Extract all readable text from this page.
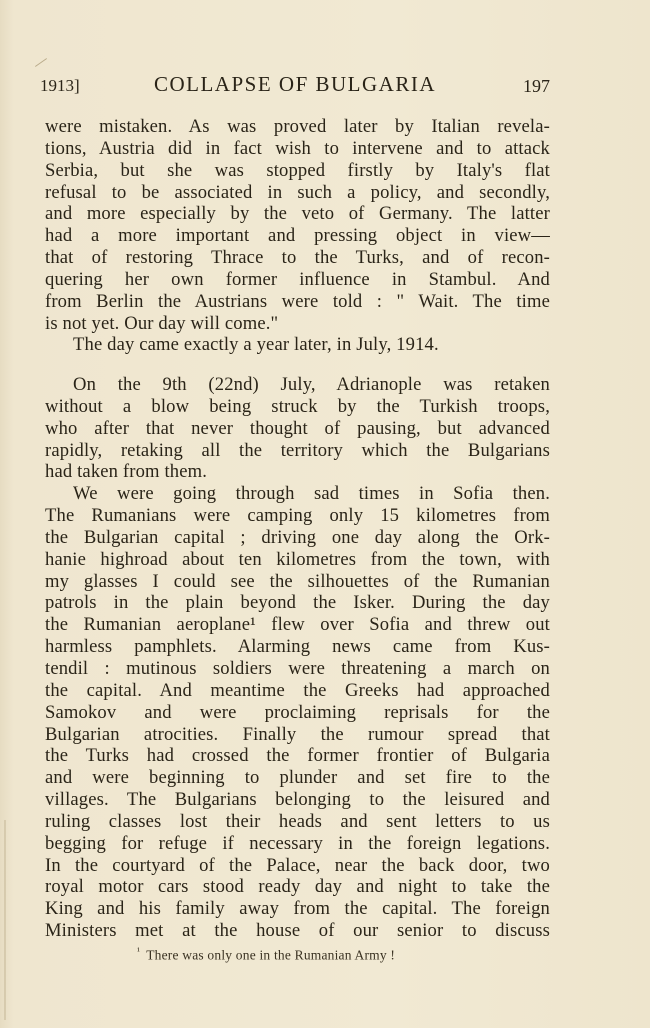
1913]	COLLAPSE OF BULGARIA	197
were mistaken. As was proved later by Italian revela-
tions, Austria did in fact wish to intervene and to attack
Serbia, but she was stopped firstly by Italy's flat
refusal to be associated in such a policy, and secondly,
and more especially by the veto of Germany. The latter
had a more important and pressing object in view—
that of restoring Thrace to the Turks, and of recon-
quering her own former influence in Stambul. And
from Berlin the Austrians were told : " Wait. The time
is not yet. Our day will come."
The day came exactly a year later, in July, 1914.
On the 9th (22nd) July, Adrianople was retaken
without a blow being struck by the Turkish troops,
who after that never thought of pausing, but advanced
rapidly, retaking all the territory which the Bulgarians
had taken from them.
We were going through sad times in Sofia then.
The Rumanians were camping only 15 kilometres from
the Bulgarian capital ; driving one day along the Ork-
hanie highroad about ten kilometres from the town, with
my glasses I could see the silhouettes of the Rumanian
patrols in the plain beyond the Isker. During the day
the Rumanian aeroplane¹ flew over Sofia and threw out
harmless pamphlets. Alarming news came from Kus-
tendil : mutinous soldiers were threatening a march on
the capital. And meantime the Greeks had approached
Samokov and were proclaiming reprisals for the
Bulgarian atrocities. Finally the rumour spread that
the Turks had crossed the former frontier of Bulgaria
and were beginning to plunder and set fire to the
villages. The Bulgarians belonging to the leisured and
ruling classes lost their heads and sent letters to us
begging for refuge if necessary in the foreign legations.
In the courtyard of the Palace, near the back door, two
royal motor cars stood ready day and night to take the
King and his family away from the capital. The foreign
Ministers met at the house of our senior to discuss
$^{^1}$ There was only one in the Rumanian Army !
